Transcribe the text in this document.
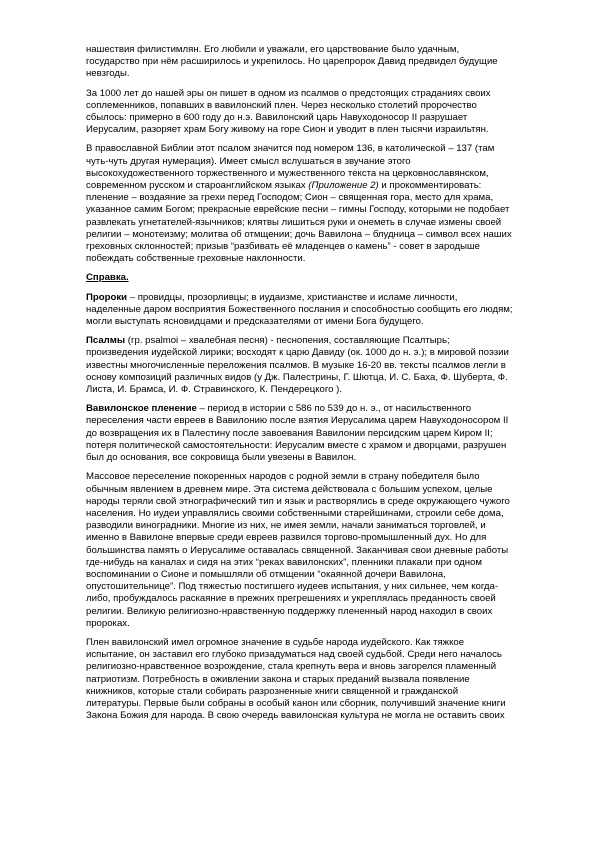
нашествия филистимлян. Его любили и уважали, его царствование было удачным, государство при нём расширилось и укрепилось. Но царепророк Давид предвидел будущие невзгоды.

За 1000 лет до нашей эры он пишет в одном из псалмов о предстоящих страданиях своих соплеменников, попавших в вавилонский плен. Через несколько столетий пророчество сбылось: примерно в 600 году до н.э. Вавилонский царь Навуходоносор II разрушает Иерусалим, разоряет храм Богу живому на горе Сион и уводит в плен тысячи израильтян.

В православной Библии этот псалом значится под номером 136, в католической – 137 (там чуть-чуть другая нумерация). Имеет смысл вслушаться в звучание этого высокохудожественного торжественного и мужественного текста на церковнославянском, современном русском и староанглийском языках (Приложение 2) и прокомментировать: пленение – воздаяние за грехи перед Господом; Сион – священная гора, место для храма, указанное самим Богом; прекрасные еврейские песни – гимны Господу, которыми не подобает развлекать угнетателей-язычников; клятвы лишиться руки и онеметь в случае измены своей религии – монотеизму; молитва об отмщении; дочь Вавилона – блудница – символ всех наших греховных склонностей; призыв “разбивать её младенцев о камень” - совет в зародыше побеждать собственные греховные наклонности.

Справка.

Пророки – провидцы, прозорливцы; в иудаизме, христианстве и исламе личности, наделенные даром восприятия Божественного послания и способностью сообщить его людям; могли выступать ясновидцами и предсказателями от имени Бога будущего.

Псалмы (гр. psalmoi – хвалебная песня) - песнопения, составляющие Псалтырь; произведения иудейской лирики; восходят к царю Давиду (ок. 1000 до н. э.); в мировой поэзии известны многочисленные переложения псалмов. В музыке 16-20 вв. тексты псалмов легли в основу композиций различных видов (у Дж. Палестрины, Г. Шютца, И. С. Баха, Ф. Шуберта, Ф. Листа, И. Брамса, И. Ф. Стравинского, К. Пендерецкого ).

Вавилонское пленение – период в истории с 586 по 539 до н. э., от насильственного переселения части евреев в Вавилонию после взятия Иерусалима царем Навуходоносором II до возвращения их в Палестину после завоевания Вавилонии персидским царем Киром II; потеря политической самостоятельности: Иерусалим вместе с храмом и дворцами, разрушен был до основания, все сокровища были увезены в Вавилон.

Массовое переселение покоренных народов с родной земли в страну победителя было обычным явлением в древнем мире. Эта система действовала с большим успехом, целые народы теряли свой этнографический тип и язык и растворялись в среде окружающего чужого населения. Но иудеи управлялись своими собственными старейшинами, строили себе дома, разводили виноградники. Многие из них, не имея земли, начали заниматься торговлей, и именно в Вавилоне впервые среди евреев развился торгово-промышленный дух. Но для большинства память о Иерусалиме оставалась священной. Заканчивая свои дневные работы где-нибудь на каналах и сидя на этих “реках вавилонских”, пленники плакали при одном воспоминании о Сионе и помышляли об отмщении “окаянной дочери Вавилона, опустошительнице”. Под тяжестью постигшего иудеев испытания, у них сильнее, чем когда-либо, пробуждалось раскаяние в прежних прегрешениях и укреплялась преданность своей религии. Великую религиозно-нравственную поддержку плененный народ находил в своих пророках.

Плен вавилонский имел огромное значение в судьбе народа иудейского. Как тяжкое испытание, он заставил его глубоко призадуматься над своей судьбой. Среди него началось религиозно-нравственное возрождение, стала крепнуть вера и вновь загорелся пламенный патриотизм. Потребность в оживлении закона и старых преданий вызвала появление книжников, которые стали собирать разрозненные книги священной и гражданской литературы. Первые были собраны в особый канон или сборник, получивший значение книги Закона Божия для народа. В свою очередь вавилонская культура не могла не оставить своих
